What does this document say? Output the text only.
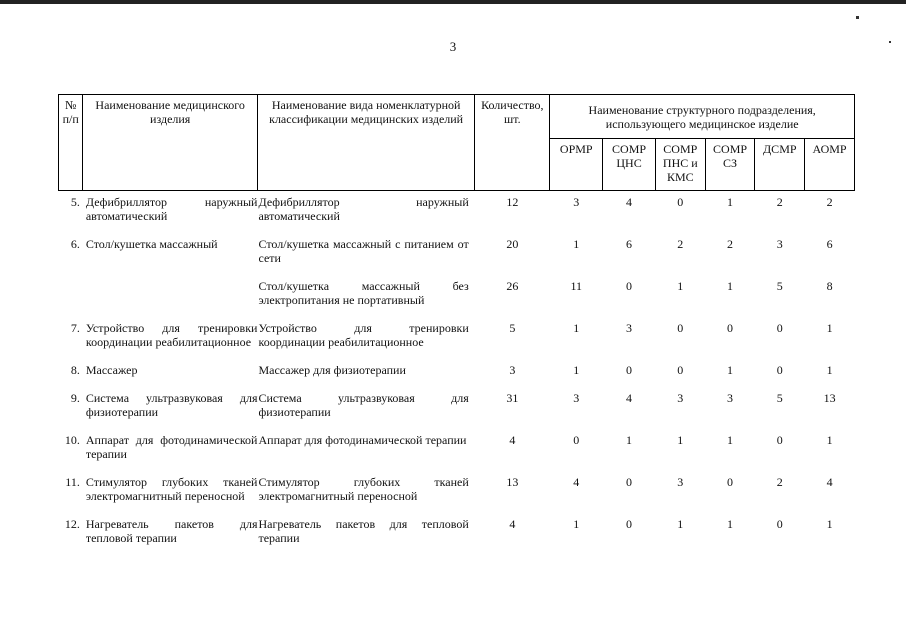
3
№ п/п	Наименование медицинского изделия	Наименование вида номенклатурной классификации медицинских изделий	Количество, шт.	Наименование структурного подразделения, использующего медицинское изделие					
				ОРМР	СОМР ЦНС	СОМР ПНС и КМС	СОМР СЗ	ДСМР	АОМР
5.	Дефибриллятор наружный автоматический	Дефибриллятор наружный автоматический	12	3	4	0	1	2	2
6.	Стол/кушетка массажный	Стол/кушетка массажный с питанием от сети	20	1	6	2	2	3	6
		Стол/кушетка массажный без электропитания не портативный	26	11	0	1	1	5	8
7.	Устройство для тренировки координации реабилитационное	Устройство для тренировки координации реабилитационное	5	1	3	0	0	0	1
8.	Массажер	Массажер для физиотерапии	3	1	0	0	1	0	1
9.	Система ультразвуковая для физиотерапии	Система ультразвуковая для физиотерапии	31	3	4	3	3	5	13
10.	Аппарат для фотодинамической терапии	Аппарат для фотодинамической терапии	4	0	1	1	1	0	1
11.	Стимулятор глубоких тканей электромагнитный переносной	Стимулятор глубоких тканей электромагнитный переносной	13	4	0	3	0	2	4
12.	Нагреватель пакетов для тепловой терапии	Нагреватель пакетов для тепловой терапии	4	1	0	1	1	0	1
